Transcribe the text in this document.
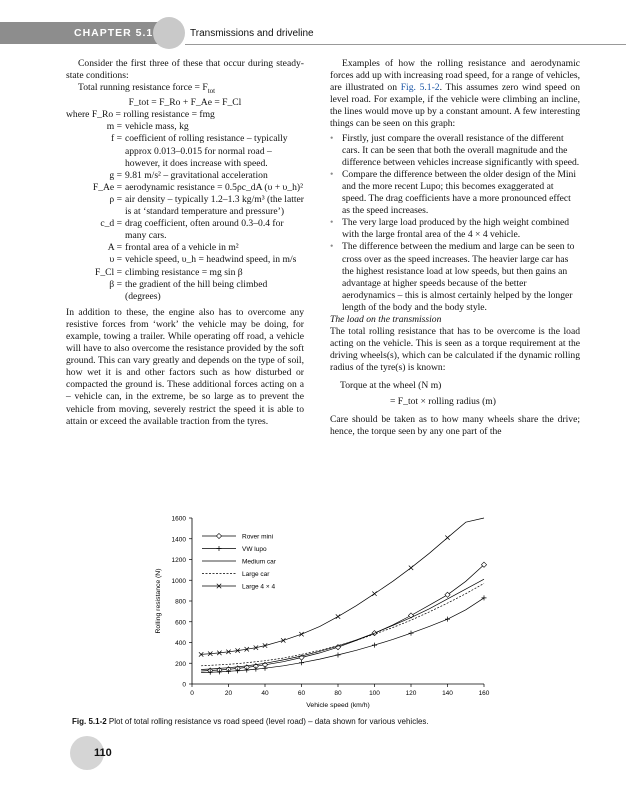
CHAPTER 5.1	Transmissions and driveline

Consider the first three of these that occur during steady-state conditions:

Total running resistance force = $F_{tot}$

F_tot = F_Ro + F_Ae = F_Cl

where F_Ro = rolling resistance = fmg

m = vehicle mass, kg
f = coefficient of rolling resistance – typically approx 0.013–0.015 for normal road – however, it does increase with speed.
g = 9.81 m/s² – gravitational acceleration
F_Ae = aerodynamic resistance = 0.5ρc_dA (υ + υ_h)²
ρ = air density – typically 1.2–1.3 kg/m³ (the latter is at ‘standard temperature and pressure’)
c_d = drag coefficient, often around 0.3–0.4 for many cars.
A = frontal area of a vehicle in m²
υ = vehicle speed, υ_h = headwind speed, in m/s
F_Cl = climbing resistance = mg sin β
β = the gradient of the hill being climbed (degrees)

In addition to these, the engine also has to overcome any resistive forces from ‘work’ the vehicle may be doing, for example, towing a trailer. While operating off road, a vehicle will have to also overcome the resistance provided by the soft ground. This can vary greatly and depends on the type of soil, how wet it is and other factors such as how disturbed or compacted the ground is. These additional forces acting on a – vehicle can, in the extreme, be so large as to prevent the vehicle from moving, severely restrict the speed it is able to attain or exceed the available traction from the tyres.

Examples of how the rolling resistance and aerodynamic forces add up with increasing road speed, for a range of vehicles, are illustrated on Fig. 5.1-2. This assumes zero wind speed on level road. For example, if the vehicle were climbing an incline, the lines would move up by a constant amount. A few interesting things can be seen on this graph:

• Firstly, just compare the overall resistance of the different cars. It can be seen that both the overall magnitude and the difference between vehicles increase significantly with speed.
• Compare the difference between the older design of the Mini and the more recent Lupo; this becomes exaggerated at speed. The drag coefficients have a more pronounced effect as the speed increases.
• The very large load produced by the high weight combined with the large frontal area of the 4 × 4 vehicle.
• The difference between the medium and large can be seen to cross over as the speed increases. The heavier large car has the highest resistance load at low speeds, but then gains an advantage at higher speeds because of the better aerodynamics – this is almost certainly helped by the longer length of the body and the body style.

The load on the transmission

The total rolling resistance that has to be overcome is the load acting on the vehicle. This is seen as a torque requirement at the driving wheels(s), which can be calculated if the dynamic rolling radius of the tyre(s) is known:

Torque at the wheel (N m)

= F_tot × rolling radius (m)

Care should be taken as to how many wheels share the drive; hence, the torque seen by any one part of the

0
200
400
600
800
1000
1200
1400
1600
0	20	40	60	80	100	120	140	160
Vehicle speed (km/h)
Rolling resistance (N)
Rover mini
VW lupo
Medium car
Large car
Large 4 × 4
Fig. 5.1-2 Plot of total rolling resistance vs road speed (level road) – data shown for various vehicles.
110
